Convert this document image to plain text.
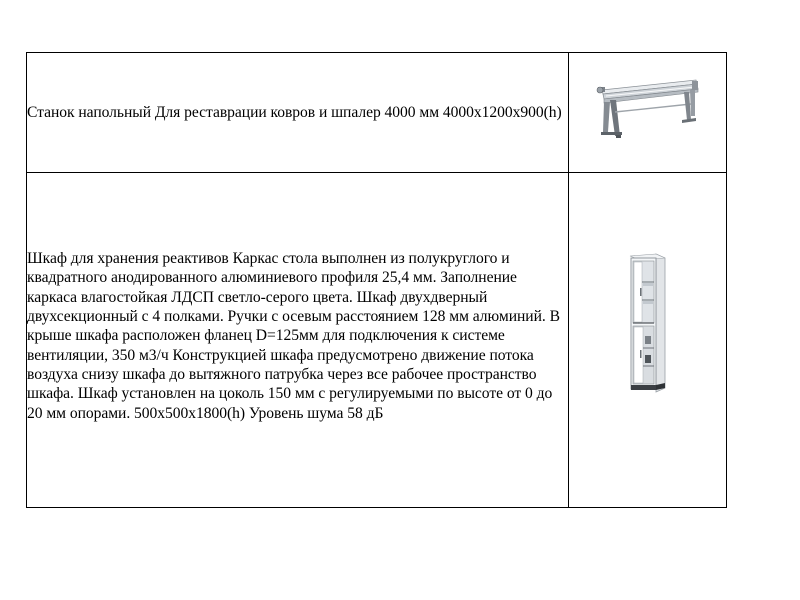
Станок напольный Для реставрации ковров и шпалер 4000 мм 4000х1200х900(h)

Шкаф для хранения реактивов Каркас стола выполнен из полукруглого и квадратного анодированного алюминиевого профиля 25,4 мм. Заполнение каркаса влагостойкая ЛДСП светло-серого цвета. Шкаф двухдверный двухсекционный с 4 полками. Ручки с осевым расстоянием 128 мм алюминий. В крыше шкафа расположен фланец D=125мм для подключения к системе вентиляции, 350 м3/ч Конструкцией шкафа предусмотрено движение потока воздуха снизу шкафа до вытяжного патрубка через все рабочее пространство шкафа. Шкаф установлен на цоколь 150 мм с регулируемыми по высоте от 0 до 20 мм опорами. 500х500х1800(h) Уровень шума 58 дБ
